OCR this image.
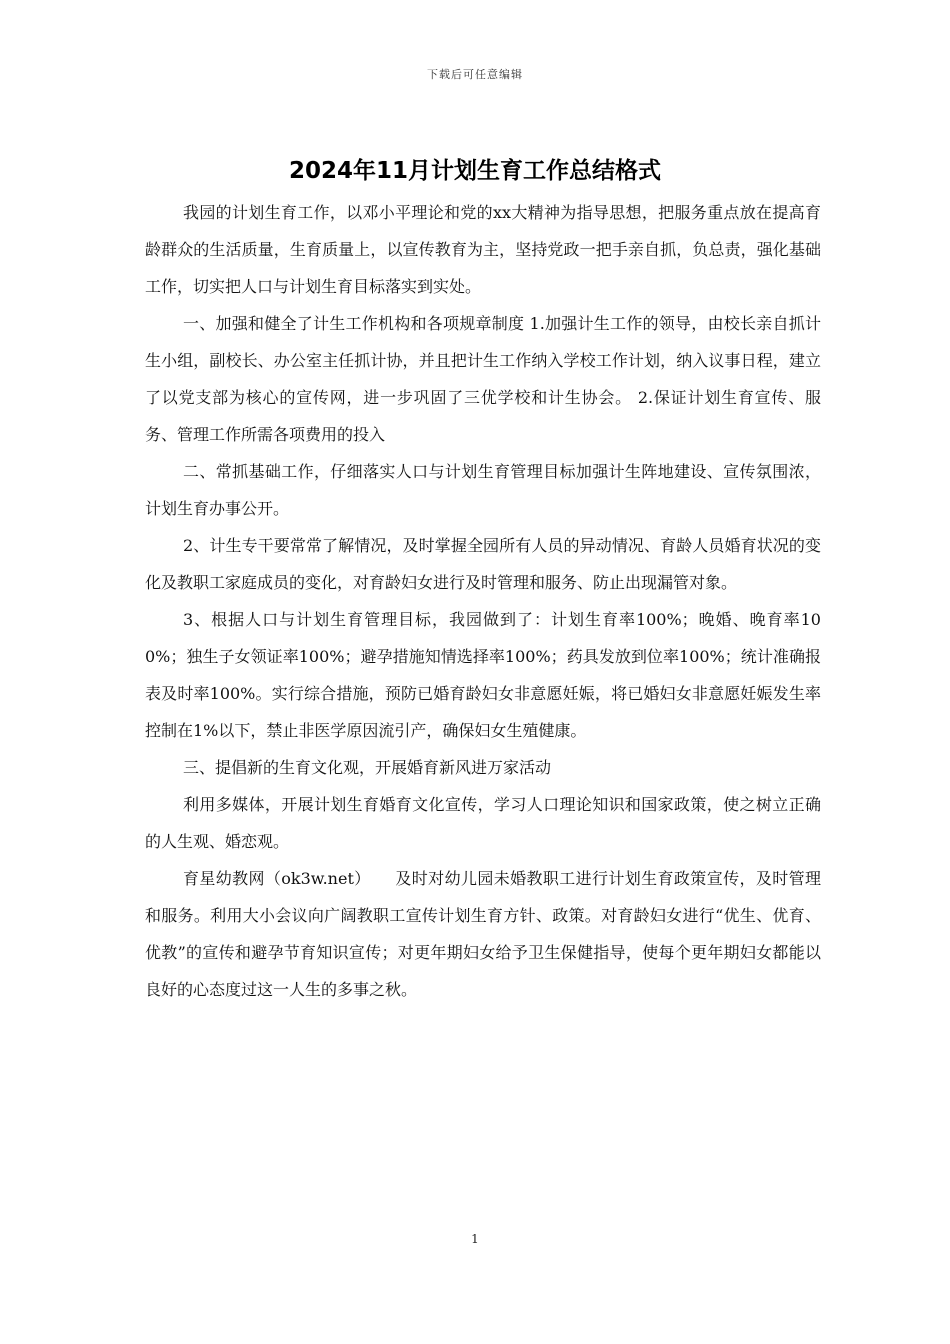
下载后可任意编辑
2024年11月计划生育工作总结格式

我园的计划生育工作，以邓小平理论和党的xx大精神为指导思想，把服务重点放在提高育龄群众的生活质量，生育质量上，以宣传教育为主，坚持党政一把手亲自抓，负总责，强化基础工作，切实把人口与计划生育目标落实到实处。

一、加强和健全了计生工作机构和各项规章制度 1.加强计生工作的领导，由校长亲自抓计生小组，副校长、办公室主任抓计协，并且把计生工作纳入学校工作计划，纳入议事日程，建立了以党支部为核心的宣传网，进一步巩固了三优学校和计生协会。 2.保证计划生育宣传、服务、管理工作所需各项费用的投入

二、常抓基础工作，仔细落实人口与计划生育管理目标加强计生阵地建设、宣传氛围浓，计划生育办事公开。

2、计生专干要常常了解情况，及时掌握全园所有人员的异动情况、育龄人员婚育状况的变化及教职工家庭成员的变化，对育龄妇女进行及时管理和服务、防止出现漏管对象。

3、根据人口与计划生育管理目标，我园做到了：计划生育率100%；晚婚、晚育率100%；独生子女领证率100%；避孕措施知情选择率100%；药具发放到位率100%；统计准确报表及时率100%。实行综合措施，预防已婚育龄妇女非意愿妊娠，将已婚妇女非意愿妊娠发生率控制在1%以下，禁止非医学原因流引产，确保妇女生殖健康。

三、提倡新的生育文化观，开展婚育新风进万家活动

利用多媒体，开展计划生育婚育文化宣传，学习人口理论知识和国家政策，使之树立正确的人生观、婚恋观。

育星幼教网（ok3w.net）　　及时对幼儿园未婚教职工进行计划生育政策宣传，及时管理和服务。利用大小会议向广阔教职工宣传计划生育方针、政策。对育龄妇女进行“优生、优育、优教”的宣传和避孕节育知识宣传；对更年期妇女给予卫生保健指导，使每个更年期妇女都能以良好的心态度过这一人生的多事之秋。

1
